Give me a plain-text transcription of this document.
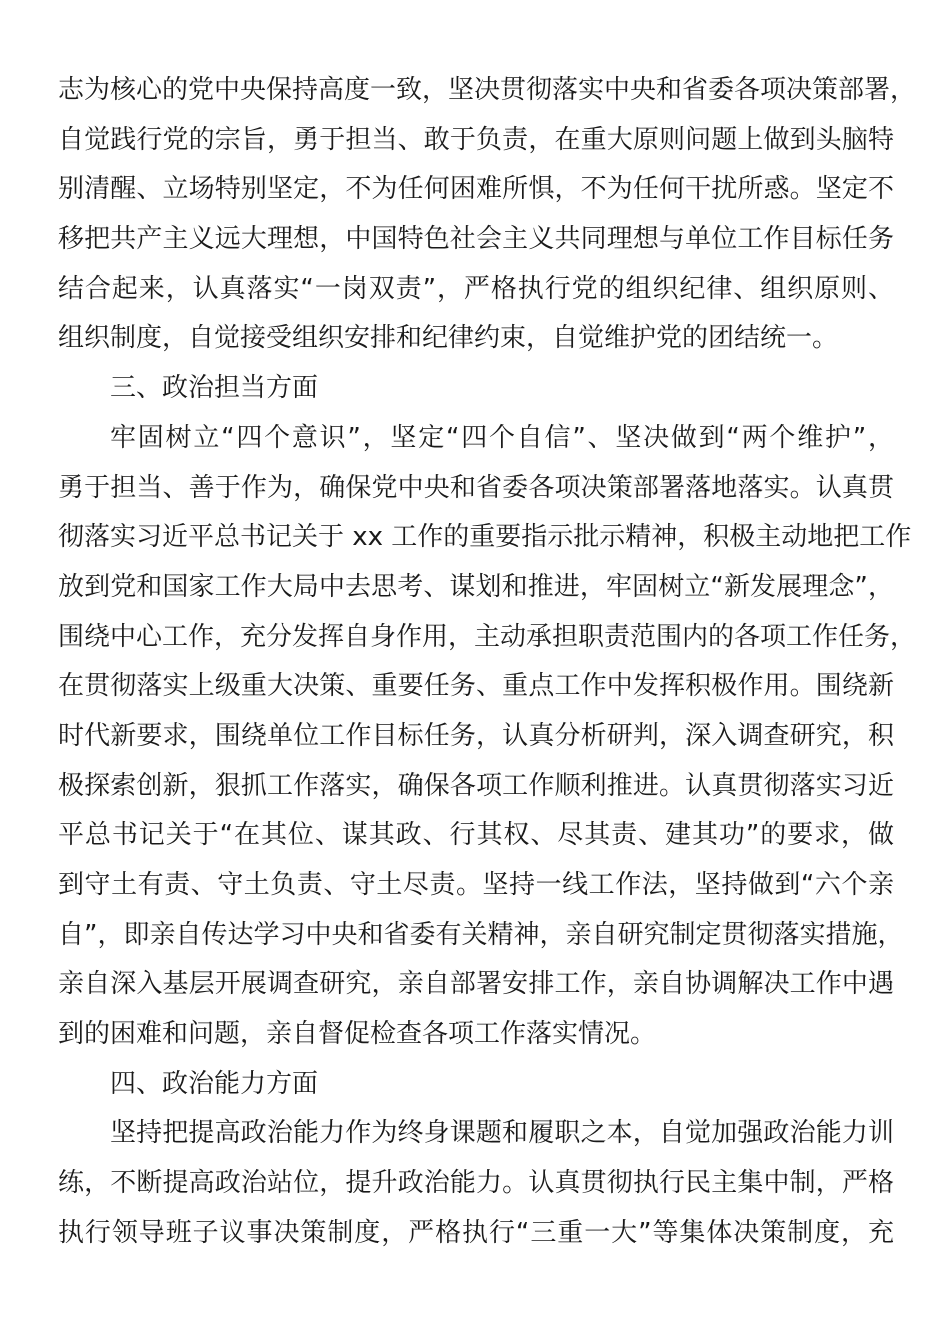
志为核心的党中央保持高度一致，坚决贯彻落实中央和省委各项决策部署，
自觉践行党的宗旨，勇于担当、敢于负责，在重大原则问题上做到头脑特
别清醒、立场特别坚定，不为任何困难所惧，不为任何干扰所惑。坚定不
移把共产主义远大理想，中国特色社会主义共同理想与单位工作目标任务
结合起来，认真落实“一岗双责”，严格执行党的组织纪律、组织原则、
组织制度，自觉接受组织安排和纪律约束，自觉维护党的团结统一。
三、政治担当方面
牢固树立“四个意识”，坚定“四个自信”、坚决做到“两个维护”，
勇于担当、善于作为，确保党中央和省委各项决策部署落地落实。认真贯
彻落实习近平总书记关于 xx 工作的重要指示批示精神，积极主动地把工作
放到党和国家工作大局中去思考、谋划和推进，牢固树立“新发展理念”，
围绕中心工作，充分发挥自身作用，主动承担职责范围内的各项工作任务，
在贯彻落实上级重大决策、重要任务、重点工作中发挥积极作用。围绕新
时代新要求，围绕单位工作目标任务，认真分析研判，深入调查研究，积
极探索创新，狠抓工作落实，确保各项工作顺利推进。认真贯彻落实习近
平总书记关于“在其位、谋其政、行其权、尽其责、建其功”的要求，做
到守土有责、守土负责、守土尽责。坚持一线工作法，坚持做到“六个亲
自”，即亲自传达学习中央和省委有关精神，亲自研究制定贯彻落实措施，
亲自深入基层开展调查研究，亲自部署安排工作，亲自协调解决工作中遇
到的困难和问题，亲自督促检查各项工作落实情况。
四、政治能力方面
坚持把提高政治能力作为终身课题和履职之本，自觉加强政治能力训
练，不断提高政治站位，提升政治能力。认真贯彻执行民主集中制，严格
执行领导班子议事决策制度，严格执行“三重一大”等集体决策制度，充
